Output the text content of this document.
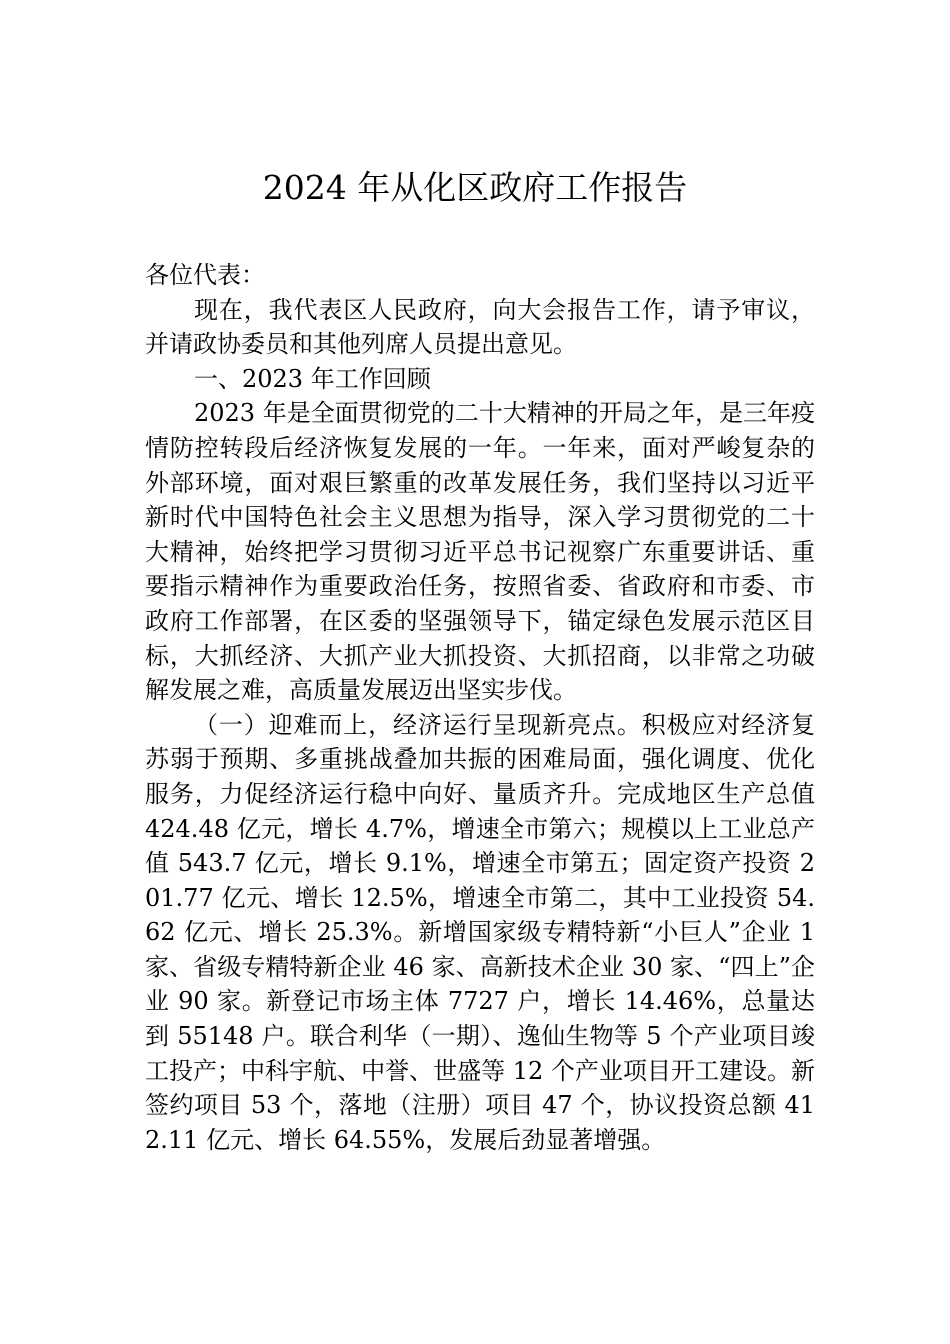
2024 年从化区政府工作报告

各位代表：

现在，我代表区人民政府，向大会报告工作，请予审议，并请政协委员和其他列席人员提出意见。

一、2023 年工作回顾

2023 年是全面贯彻党的二十大精神的开局之年，是三年疫情防控转段后经济恢复发展的一年。一年来，面对严峻复杂的外部环境，面对艰巨繁重的改革发展任务，我们坚持以习近平新时代中国特色社会主义思想为指导，深入学习贯彻党的二十大精神，始终把学习贯彻习近平总书记视察广东重要讲话、重要指示精神作为重要政治任务，按照省委、省政府和市委、市政府工作部署，在区委的坚强领导下，锚定绿色发展示范区目标，大抓经济、大抓产业大抓投资、大抓招商，以非常之功破解发展之难，高质量发展迈出坚实步伐。

（一）迎难而上，经济运行呈现新亮点。积极应对经济复苏弱于预期、多重挑战叠加共振的困难局面，强化调度、优化服务，力促经济运行稳中向好、量质齐升。完成地区生产总值 424.48 亿元，增长 4.7%，增速全市第六；规模以上工业总产值 543.7 亿元，增长 9.1%，增速全市第五；固定资产投资 201.77 亿元、增长 12.5%，增速全市第二，其中工业投资 54.62 亿元、增长 25.3%。新增国家级专精特新“小巨人”企业 1 家、省级专精特新企业 46 家、高新技术企业 30 家、“四上”企业 90 家。新登记市场主体 7727 户，增长 14.46%，总量达到 55148 户。联合利华（一期）、逸仙生物等 5 个产业项目竣工投产；中科宇航、中誉、世盛等 12 个产业项目开工建设。新签约项目 53 个，落地（注册）项目 47 个，协议投资总额 412.11 亿元、增长 64.55%，发展后劲显著增强。
